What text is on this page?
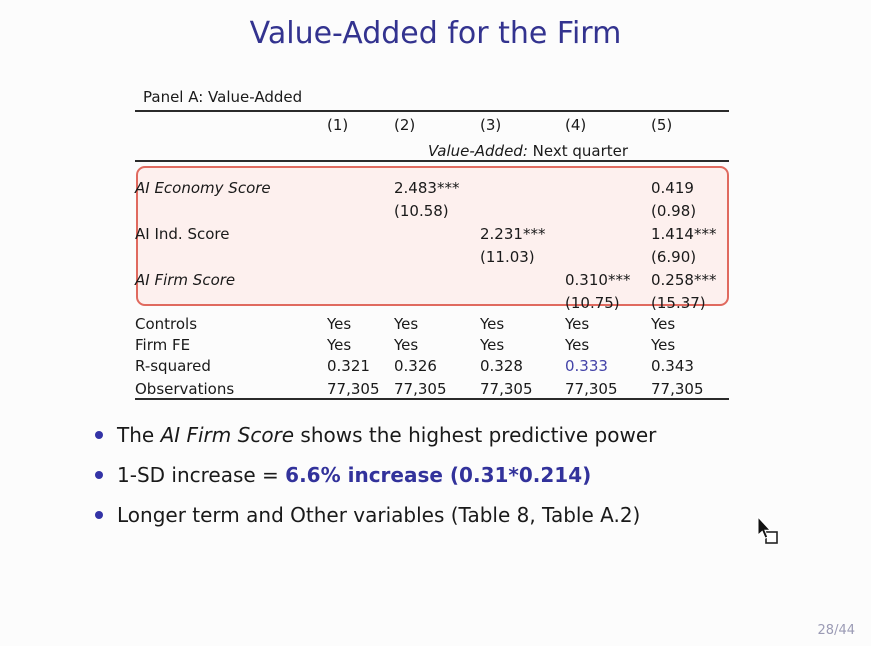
Value-Added for the Firm
Panel A: Value-Added
	(1)	(2)	(3)	(4)	(5)
	Value-Added: Next quarter				
AI Economy Score		2.483***			0.419
		(10.58)			(0.98)
AI Ind. Score			2.231***		1.414***
			(11.03)		(6.90)
AI Firm Score				0.310***	0.258***
				(10.75)	(15.37)
Controls	Yes	Yes	Yes	Yes	Yes
Firm FE	Yes	Yes	Yes	Yes	Yes
R-squared	0.321	0.326	0.328	0.333	0.343
Observations	77,305	77,305	77,305	77,305	77,305
The AI Firm Score shows the highest predictive power
1-SD increase = 6.6% increase (0.31*0.214)
Longer term and Other variables (Table 8, Table A.2)
28/44
